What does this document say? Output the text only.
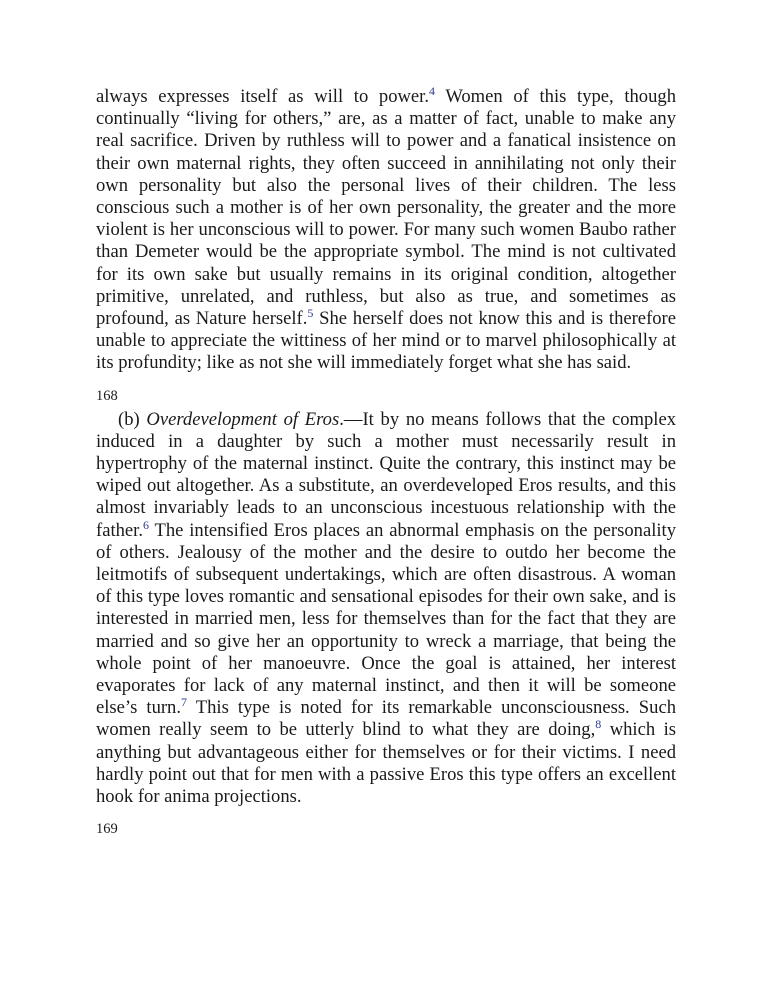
always expresses itself as will to power.$^4$ Women of this type, though continually “living for others,” are, as a matter of fact, unable to make any real sacrifice. Driven by ruthless will to power and a fanatical insistence on their own maternal rights, they often succeed in annihilating not only their own personality but also the personal lives of their children. The less conscious such a mother is of her own personality, the greater and the more violent is her unconscious will to power. For many such women Baubo rather than Demeter would be the appropriate symbol. The mind is not cultivated for its own sake but usually remains in its original condition, altogether primitive, unrelated, and ruthless, but also as true, and sometimes as profound, as Nature herself.$^5$ She herself does not know this and is therefore unable to appreciate the wittiness of her mind or to marvel philosophically at its profundity; like as not she will immediately forget what she has said.

168

(b) Overdevelopment of Eros.—It by no means follows that the complex induced in a daughter by such a mother must necessarily result in hypertrophy of the maternal instinct. Quite the contrary, this instinct may be wiped out altogether. As a substitute, an overdeveloped Eros results, and this almost invariably leads to an unconscious incestuous relationship with the father.$^6$ The intensified Eros places an abnormal emphasis on the personality of others. Jealousy of the mother and the desire to outdo her become the leitmotifs of subsequent undertakings, which are often disastrous. A woman of this type loves romantic and sensational episodes for their own sake, and is interested in married men, less for themselves than for the fact that they are married and so give her an opportunity to wreck a marriage, that being the whole point of her manoeuvre. Once the goal is attained, her interest evaporates for lack of any maternal instinct, and then it will be someone else’s turn.$^7$ This type is noted for its remarkable unconsciousness. Such women really seem to be utterly blind to what they are doing,$^8$ which is anything but advantageous either for themselves or for their victims. I need hardly point out that for men with a passive Eros this type offers an excellent hook for anima projections.

169
